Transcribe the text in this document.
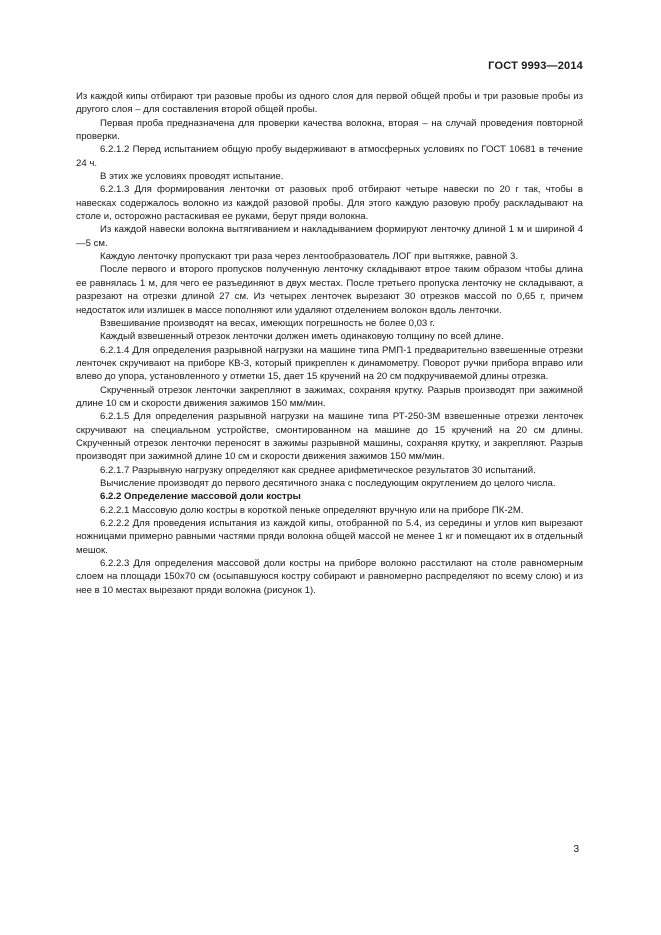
ГОСТ 9993—2014

Из каждой кипы отбирают три разовые пробы из одного слоя для первой общей пробы и три разовые пробы из другого слоя – для составления второй общей пробы.

Первая проба предназначена для проверки качества волокна, вторая – на случай проведения повторной проверки.

6.2.1.2 Перед испытанием общую пробу выдерживают в атмосферных условиях по ГОСТ 10681 в течение 24 ч.

В этих же условиях проводят испытание.

6.2.1.3 Для формирования ленточки от разовых проб отбирают четыре навески по 20 г так, чтобы в навесках содержалось волокно из каждой разовой пробы. Для этого каждую разовую пробу раскладывают на столе и, осторожно растаскивая ее руками, берут пряди волокна.

Из каждой навески волокна вытягиванием и накладыванием формируют ленточку длиной 1 м и шириной 4—5 см.

Каждую ленточку пропускают три раза через лентообразователь ЛОГ при вытяжке, равной 3.

После первого и второго пропусков полученную ленточку складывают втрое таким образом чтобы длина ее равнялась 1 м, для чего ее разъединяют в двух местах. После третьего пропуска ленточку не складывают, а разрезают на отрезки длиной 27 см. Из четырех ленточек вырезают 30 отрезков массой по 0,65 г, причем недостаток или излишек в массе пополняют или удаляют отделением волокон вдоль ленточки.

Взвешивание производят на весах, имеющих погрешность не более 0,03 г.

Каждый взвешенный отрезок ленточки должен иметь одинаковую толщину по всей длине.

6.2.1.4 Для определения разрывной нагрузки на машине типа РМП-1 предварительно взвешенные отрезки ленточек скручивают на приборе КВ-3, который прикреплен к динамометру. Поворот ручки прибора вправо или влево до упора, установленного у отметки 15, дает 15 кручений на 20 см подкручиваемой длины отрезка.

Скрученный отрезок ленточки закрепляют в зажимах, сохраняя крутку. Разрыв производят при зажимной длине 10 см и скорости движения зажимов 150 мм/мин.

6.2.1.5 Для определения разрывной нагрузки на машине типа РТ-250-3М взвешенные отрезки ленточек скручивают на специальном устройстве, смонтированном на машине до 15 кручений на 20 см длины. Скрученный отрезок ленточки переносят в зажимы разрывной машины, сохраняя крутку, и закрепляют. Разрыв производят при зажимной длине 10 см и скорости движения зажимов 150 мм/мин.

6.2.1.7 Разрывную нагрузку определяют как среднее арифметическое результатов 30 испытаний.

Вычисление производят до первого десятичного знака с последующим округлением до целого числа.

6.2.2 Определение массовой доли костры

6.2.2.1 Массовую долю костры в короткой пеньке определяют вручную или на приборе ПК-2М.

6.2.2.2 Для проведения испытания из каждой кипы, отобранной по 5.4, из середины и углов кип вырезают ножницами примерно равными частями пряди волокна общей массой не менее 1 кг и помещают их в отдельный мешок.

6.2.2.3 Для определения массовой доли костры на приборе волокно расстилают на столе равномерным слоем на площади 150х70 см (осыпавшуюся костру собирают и равномерно распределяют по всему слою) и из нее в 10 местах вырезают пряди волокна (рисунок 1).

3
